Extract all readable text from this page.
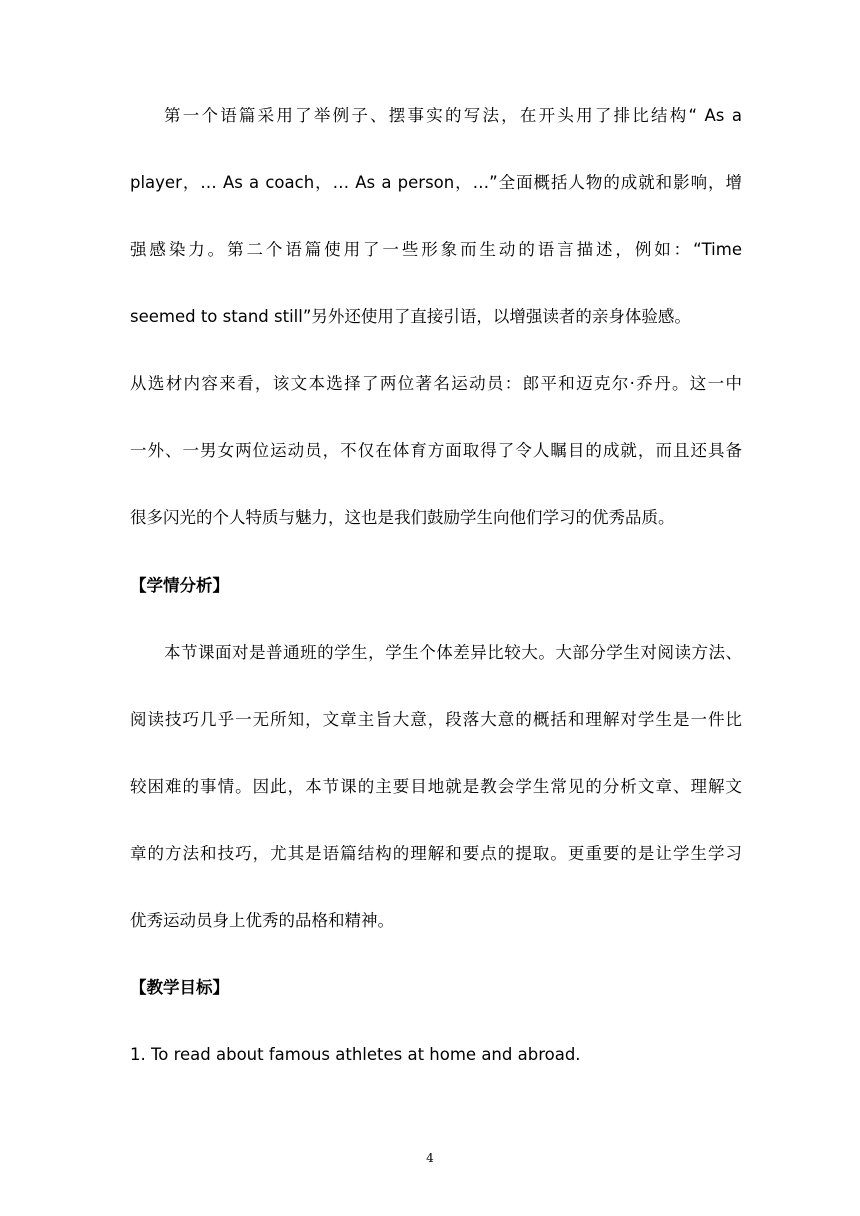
第一个语篇采用了举例子、摆事实的写法，在开头用了排比结构“ As a
player，… As a coach，… As a person，…”全面概括人物的成就和影响，增
强感染力。第二个语篇使用了一些形象而生动的语言描述，例如：“Time
seemed to stand still”另外还使用了直接引语，以增强读者的亲身体验感。
从选材内容来看，该文本选择了两位著名运动员：郎平和迈克尔·乔丹。这一中
一外、一男女两位运动员，不仅在体育方面取得了令人瞩目的成就，而且还具备
很多闪光的个人特质与魅力，这也是我们鼓励学生向他们学习的优秀品质。
【学情分析】
本节课面对是普通班的学生，学生个体差异比较大。大部分学生对阅读方法、
阅读技巧几乎一无所知，文章主旨大意，段落大意的概括和理解对学生是一件比
较困难的事情。因此，本节课的主要目地就是教会学生常见的分析文章、理解文
章的方法和技巧，尤其是语篇结构的理解和要点的提取。更重要的是让学生学习
优秀运动员身上优秀的品格和精神。
【教学目标】
1. To read about famous athletes at home and abroad.
4
